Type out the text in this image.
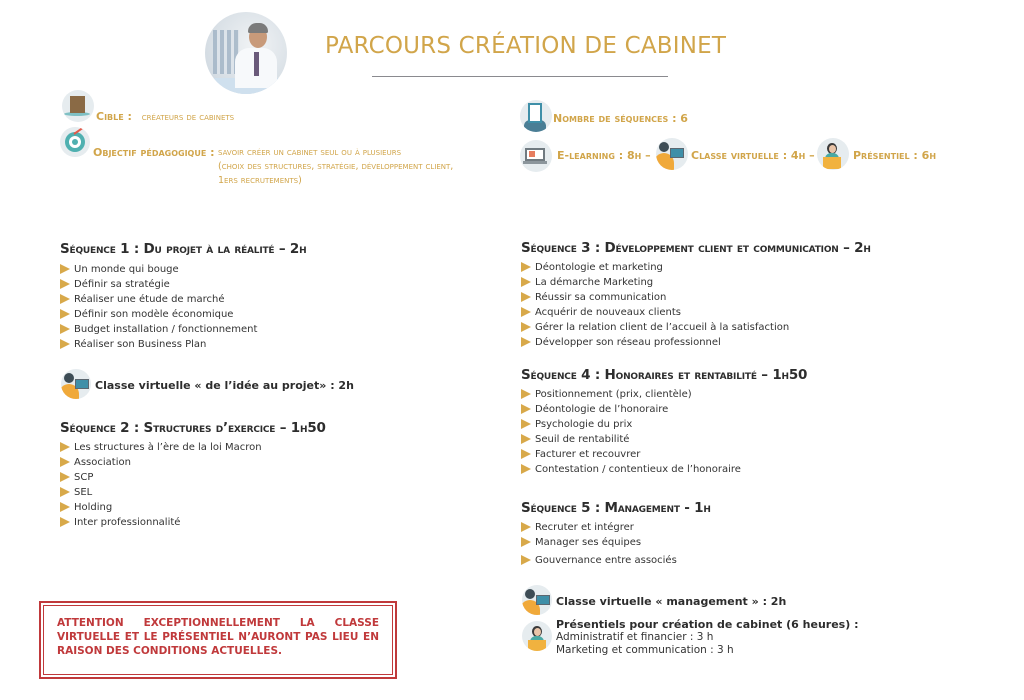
PARCOURS CRÉATION DE CABINET
Cible : créateurs de cabinets
Objectif pédagogique : savoir créer un cabinet seul ou à plusieurs
(choix des structures, stratégie, développement client,
1ers recrutements)
Nombre de séquences : 6
E-learning : 8h –	Classe virtuelle : 4h –	Présentiel : 6h
Séquence 1 : Du projet à la réalité – 2h
Un monde qui bouge
Définir sa stratégie
Réaliser une étude de marché
Définir son modèle économique
Budget installation / fonctionnement
Réaliser son Business Plan
Classe virtuelle « de l’idée au projet» : 2h
Séquence 2 : Structures d’exercice – 1h50
Les structures à l’ère de la loi Macron
Association
SCP
SEL
Holding
Inter professionnalité
Séquence 3 : Développement client et communication – 2h
Déontologie et marketing
La démarche Marketing
Réussir sa communication
Acquérir de nouveaux clients
Gérer la relation client de l’accueil à la satisfaction
Développer son réseau professionnel
Séquence 4 : Honoraires et rentabilité – 1h50
Positionnement (prix, clientèle)
Déontologie de l’honoraire
Psychologie du prix
Seuil de rentabilité
Facturer et recouvrer
Contestation / contentieux de l’honoraire
Séquence 5 : Management - 1h
Recruter et intégrer
Manager ses équipes
Gouvernance entre associés
Classe virtuelle « management » : 2h
Présentiels pour création de cabinet (6 heures) :
Administratif et financier : 3 h
Marketing et communication : 3 h

ATTENTION EXCEPTIONNELLEMENT LA CLASSE VIRTUELLE ET LE PRÉSENTIEL N’AURONT PAS LIEU EN RAISON DES CONDITIONS ACTUELLES.
